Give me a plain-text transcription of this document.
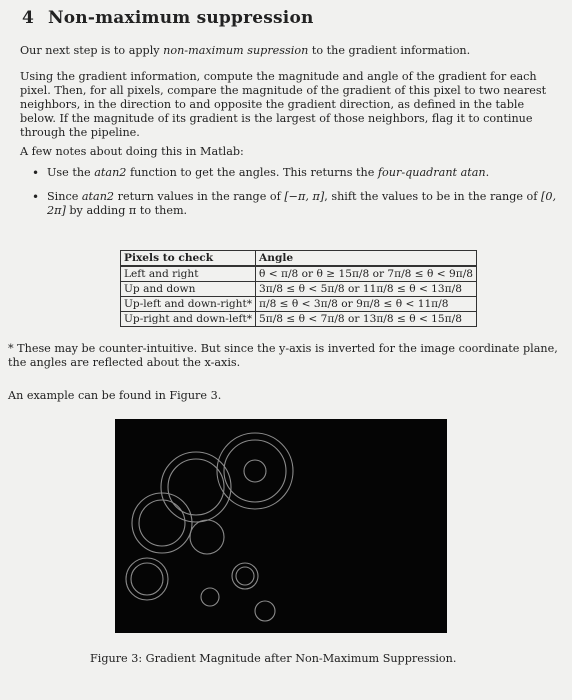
4 Non-maximum suppression
Our next step is to apply non-maximum supression to the gradient information.
Using the gradient information, compute the magnitude and angle of the gradient for each pixel. Then, for all pixels, compare the magnitude of the gradient of this pixel to two nearest neighbors, in the direction to and opposite the gradient direction, as defined in the table below. If the magnitude of its gradient is the largest of those neighbors, flag it to continue through the pipeline.
A few notes about doing this in Matlab:
• Use the atan2 function to get the angles. This returns the four-quadrant atan.
• Since atan2 return values in the range of [−π, π], shift the values to be in the range of [0, 2π] by adding π to them.
Pixels to check	Angle
Left and right	θ < π/8 or θ ≥ 15π/8 or 7π/8 ≤ θ < 9π/8
Up and down	3π/8 ≤ θ < 5π/8 or 11π/8 ≤ θ < 13π/8
Up-left and down-right*	π/8 ≤ θ < 3π/8 or 9π/8 ≤ θ < 11π/8
Up-right and down-left*	5π/8 ≤ θ < 7π/8 or 13π/8 ≤ θ < 15π/8
* These may be counter-intuitive. But since the y-axis is inverted for the image coordinate plane, the angles are reflected about the x-axis.
An example can be found in Figure 3.
Figure 3: Gradient Magnitude after Non-Maximum Suppression.
